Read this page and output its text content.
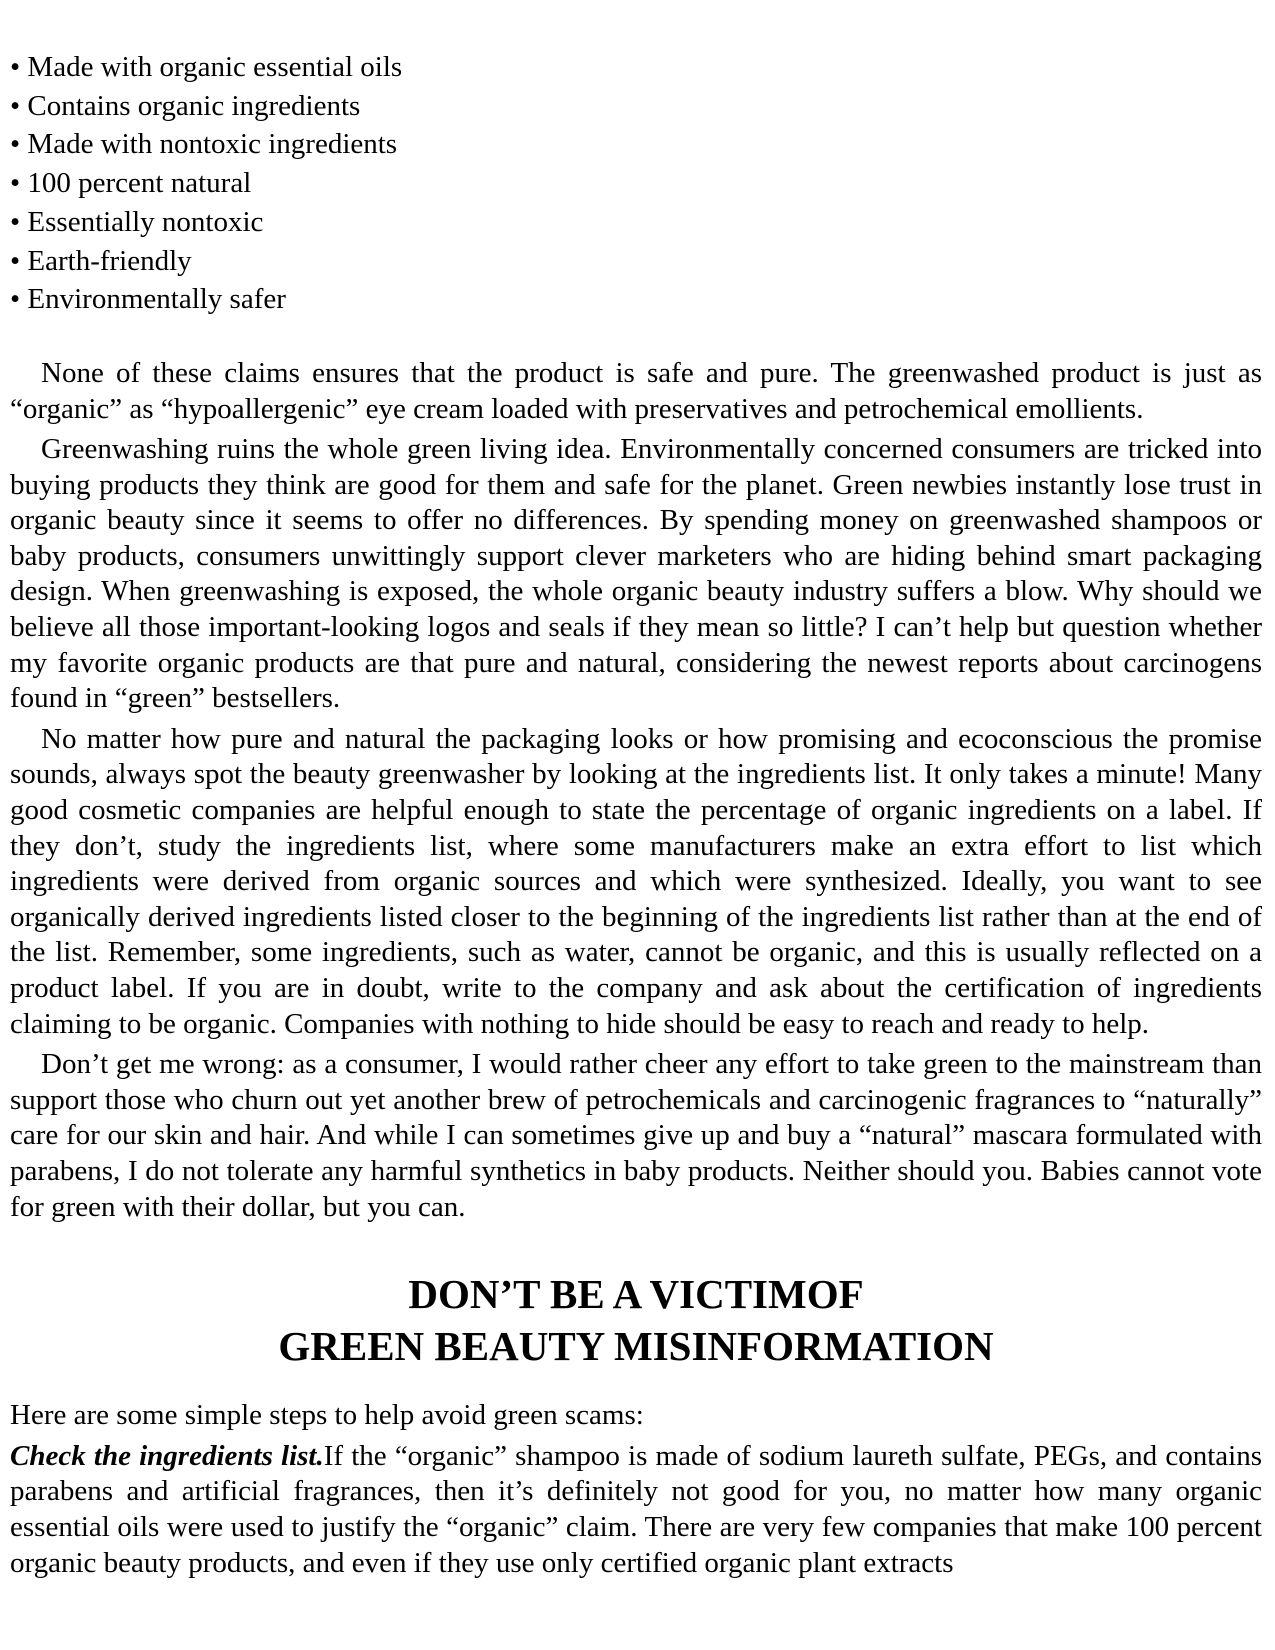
• Made with organic essential oils
• Contains organic ingredients
• Made with nontoxic ingredients
• 100 percent natural
• Essentially nontoxic
• Earth-friendly
• Environmentally safer

None of these claims ensures that the product is safe and pure. The greenwashed product is just as “organic” as “hypoallergenic” eye cream loaded with preservatives and petrochemical emollients.

Greenwashing ruins the whole green living idea. Environmentally concerned consumers are tricked into buying products they think are good for them and safe for the planet. Green newbies instantly lose trust in organic beauty since it seems to offer no differences. By spending money on greenwashed shampoos or baby products, consumers unwittingly support clever marketers who are hiding behind smart packaging design. When greenwashing is exposed, the whole organic beauty industry suffers a blow. Why should we believe all those important-looking logos and seals if they mean so little? I can’t help but question whether my favorite organic products are that pure and natural, considering the newest reports about carcinogens found in “green” bestsellers.

No matter how pure and natural the packaging looks or how promising and ecoconscious the promise sounds, always spot the beauty greenwasher by looking at the ingredients list. It only takes a minute! Many good cosmetic companies are helpful enough to state the percentage of organic ingredients on a label. If they don’t, study the ingredients list, where some manufacturers make an extra effort to list which ingredients were derived from organic sources and which were synthesized. Ideally, you want to see organically derived ingredients listed closer to the beginning of the ingredients list rather than at the end of the list. Remember, some ingredients, such as water, cannot be organic, and this is usually reflected on a product label. If you are in doubt, write to the company and ask about the certification of ingredients claiming to be organic. Companies with nothing to hide should be easy to reach and ready to help.

Don’t get me wrong: as a consumer, I would rather cheer any effort to take green to the mainstream than support those who churn out yet another brew of petrochemicals and carcinogenic fragrances to “naturally” care for our skin and hair. And while I can sometimes give up and buy a “natural” mascara formulated with parabens, I do not tolerate any harmful synthetics in baby products. Neither should you. Babies cannot vote for green with their dollar, but you can.

DON’T BE A VICTIMOF
GREEN BEAUTY MISINFORMATION

Here are some simple steps to help avoid green scams:

Check the ingredients list.If the “organic” shampoo is made of sodium laureth sulfate, PEGs, and contains parabens and artificial fragrances, then it’s definitely not good for you, no matter how many organic essential oils were used to justify the “organic” claim. There are very few companies that make 100 percent organic beauty products, and even if they use only certified organic plant extracts
